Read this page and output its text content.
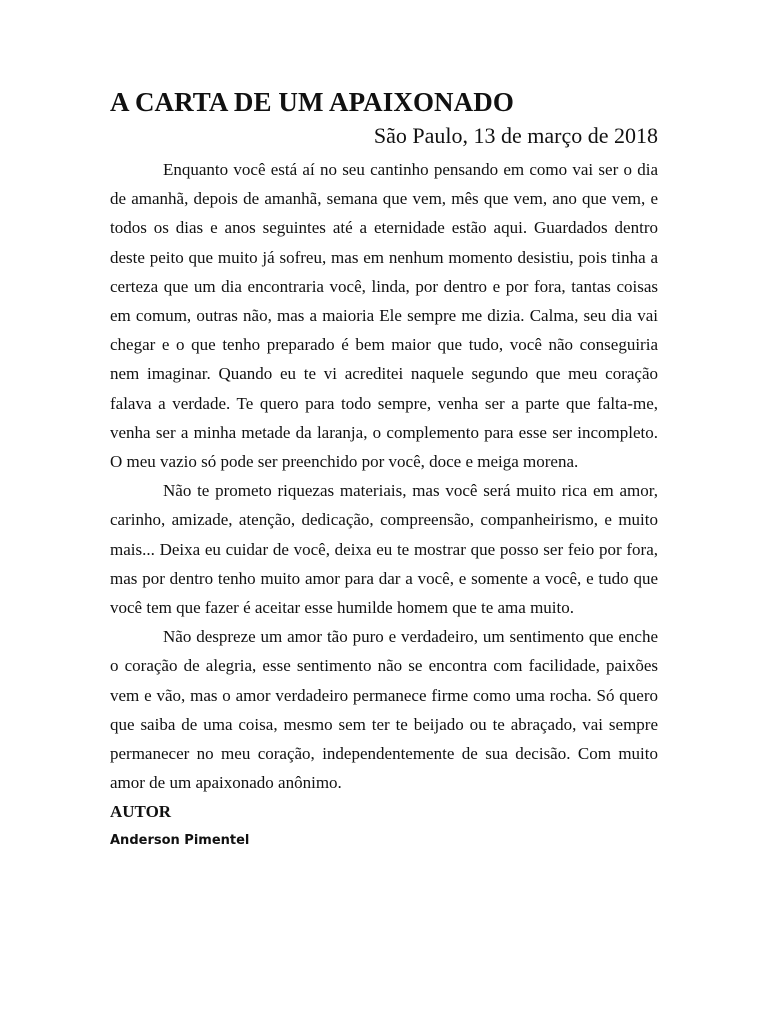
A CARTA DE UM APAIXONADO
São Paulo, 13 de março de 2018

Enquanto você está aí no seu cantinho pensando em como vai ser o dia de amanhã, depois de amanhã, semana que vem, mês que vem, ano que vem, e todos os dias e anos seguintes até a eternidade estão aqui. Guardados dentro deste peito que muito já sofreu, mas em nenhum momento desistiu, pois tinha a certeza que um dia encontraria você, linda, por dentro e por fora, tantas coisas em comum, outras não, mas a maioria Ele sempre me dizia. Calma, seu dia vai chegar e o que tenho preparado é bem maior que tudo, você não conseguiria nem imaginar. Quando eu te vi acreditei naquele segundo que meu coração falava a verdade. Te quero para todo sempre, venha ser a parte que falta-me, venha ser a minha metade da laranja, o complemento para esse ser incompleto. O meu vazio só pode ser preenchido por você, doce e meiga morena.

Não te prometo riquezas materiais, mas você será muito rica em amor, carinho, amizade, atenção, dedicação, compreensão, companheirismo, e muito mais... Deixa eu cuidar de você, deixa eu te mostrar que posso ser feio por fora, mas por dentro tenho muito amor para dar a você, e somente a você, e tudo que você tem que fazer é aceitar esse humilde homem que te ama muito.

Não despreze um amor tão puro e verdadeiro, um sentimento que enche o coração de alegria, esse sentimento não se encontra com facilidade, paixões vem e vão, mas o amor verdadeiro permanece firme como uma rocha. Só quero que saiba de uma coisa, mesmo sem ter te beijado ou te abraçado, vai sempre permanecer no meu coração, independentemente de sua decisão. Com muito amor de um apaixonado anônimo.

AUTOR
Anderson Pimentel
